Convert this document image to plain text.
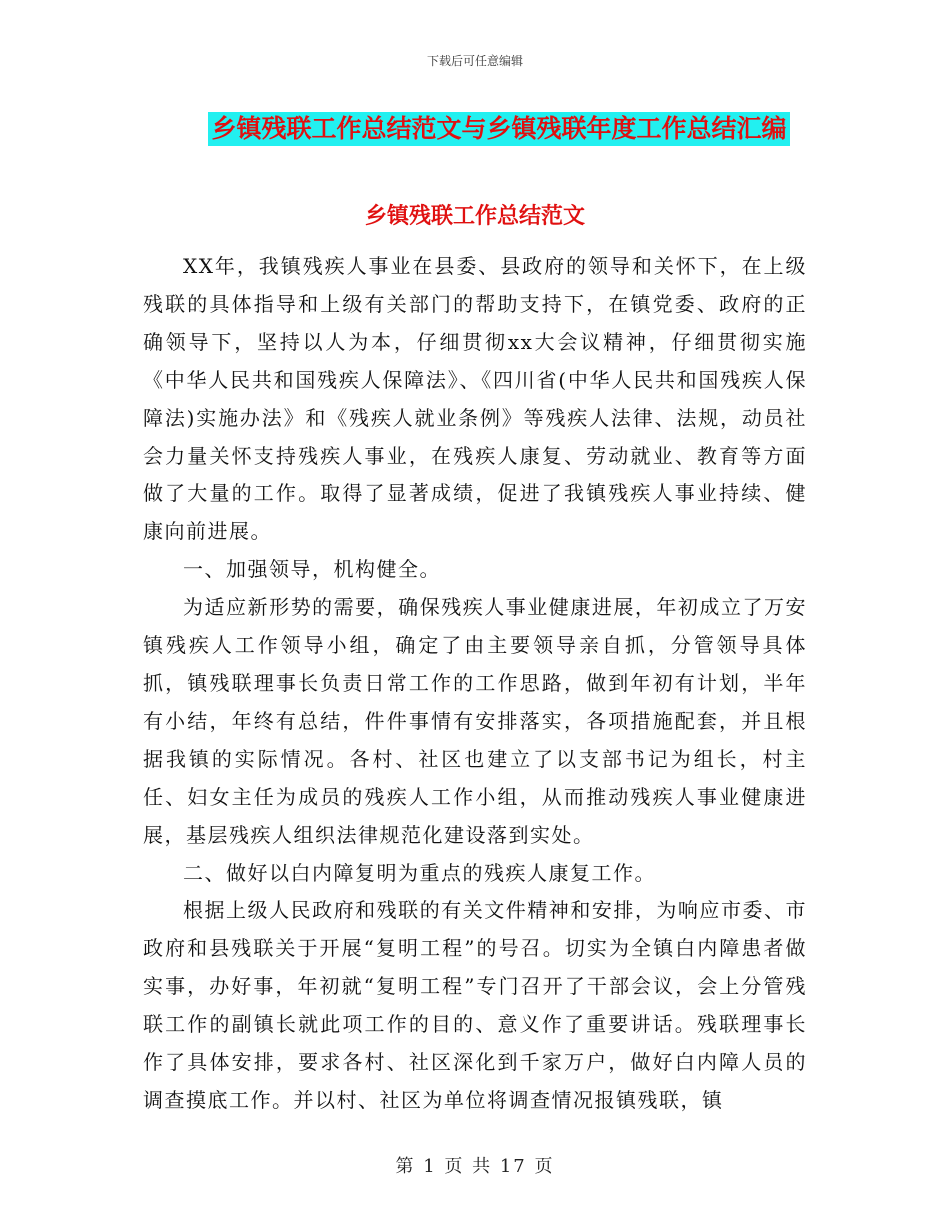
下载后可任意编辑
乡镇残联工作总结范文与乡镇残联年度工作总结汇编
乡镇残联工作总结范文

XX年，我镇残疾人事业在县委、县政府的领导和关怀下，在上级残联的具体指导和上级有关部门的帮助支持下，在镇党委、政府的正确领导下，坚持以人为本，仔细贯彻xx大会议精神，仔细贯彻实施《中华人民共和国残疾人保障法》、《四川省(中华人民共和国残疾人保障法)实施办法》和《残疾人就业条例》等残疾人法律、法规，动员社会力量关怀支持残疾人事业，在残疾人康复、劳动就业、教育等方面做了大量的工作。取得了显著成绩，促进了我镇残疾人事业持续、健康向前进展。

一、加强领导，机构健全。

为适应新形势的需要，确保残疾人事业健康进展，年初成立了万安镇残疾人工作领导小组，确定了由主要领导亲自抓，分管领导具体抓，镇残联理事长负责日常工作的工作思路，做到年初有计划，半年有小结，年终有总结，件件事情有安排落实，各项措施配套，并且根据我镇的实际情况。各村、社区也建立了以支部书记为组长，村主任、妇女主任为成员的残疾人工作小组，从而推动残疾人事业健康进展，基层残疾人组织法律规范化建设落到实处。

二、做好以白内障复明为重点的残疾人康复工作。

根据上级人民政府和残联的有关文件精神和安排，为响应市委、市政府和县残联关于开展“复明工程”的号召。切实为全镇白内障患者做实事，办好事，年初就“复明工程”专门召开了干部会议，会上分管残联工作的副镇长就此项工作的目的、意义作了重要讲话。残联理事长作了具体安排，要求各村、社区深化到千家万户，做好白内障人员的调查摸底工作。并以村、社区为单位将调查情况报镇残联，镇

第 1 页 共 17 页
